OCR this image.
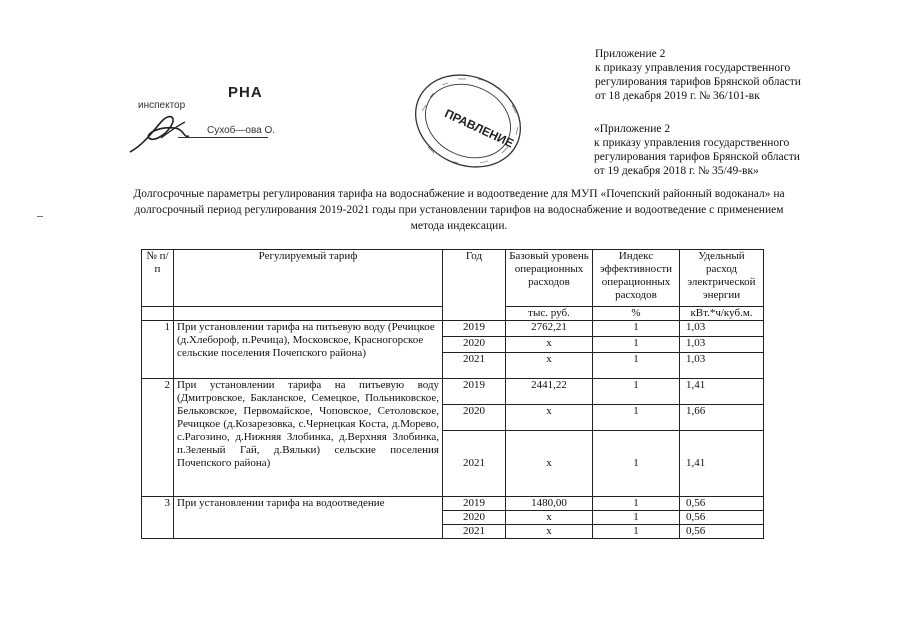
Приложение 2
к приказу управления государственного
регулирования тарифов Брянской области
от 18 декабря 2019 г. № 36/101-вк
«Приложение 2
к приказу управления государственного
регулирования тарифов Брянской области
от 19 декабря 2018 г. № 35/49-вк»
РНА
инспектор
Сухоб—ова О.	ПРАВЛЕНИЕ
Долгосрочные параметры регулирования тарифа на водоснабжение и водоотведение для МУП «Почепский районный водоканал» на
долгосрочный период регулирования 2019-2021 годы при установлении тарифов на водоснабжение и водоотведение с применением
метода индексации.
–
№ п/п	Регулируемый тариф	Год	Базовый уровень операционных расходов	Индекс эффективности операционных расходов	Удельный расход электрической энергии
			тыс. руб.	%	кВт.*ч/куб.м.
1	При установлении тарифа на питьевую воду (Речицкое (д.Хлебороф, п.Речица), Московское, Красногорское сельские поселения Почепского района)	2019	2762,21	1	1,03
		2020	х	1	1,03
		2021	х	1	1,03
2	При установлении тарифа на питьевую воду (Дмитровское, Бакланское, Семецкое, Польниковское, Бельковское, Первомайское, Чоповское, Сетоловское, Речицкое (д.Козарезовка, с.Чернецкая Коста, д.Морево, с.Рагозино, д.Нижняя Злобинка, д.Верхняя Злобинка, п.Зеленый Гай, д.Вяльки) сельские поселения Почепского района)	2019	2441,22	1	1,41
		2020	х	1	1,66
		2021	х	1	1,41
3	При установлении тарифа на водоотведение	2019	1480,00	1	0,56
		2020	х	1	0,56
		2021	х	1	0,56
